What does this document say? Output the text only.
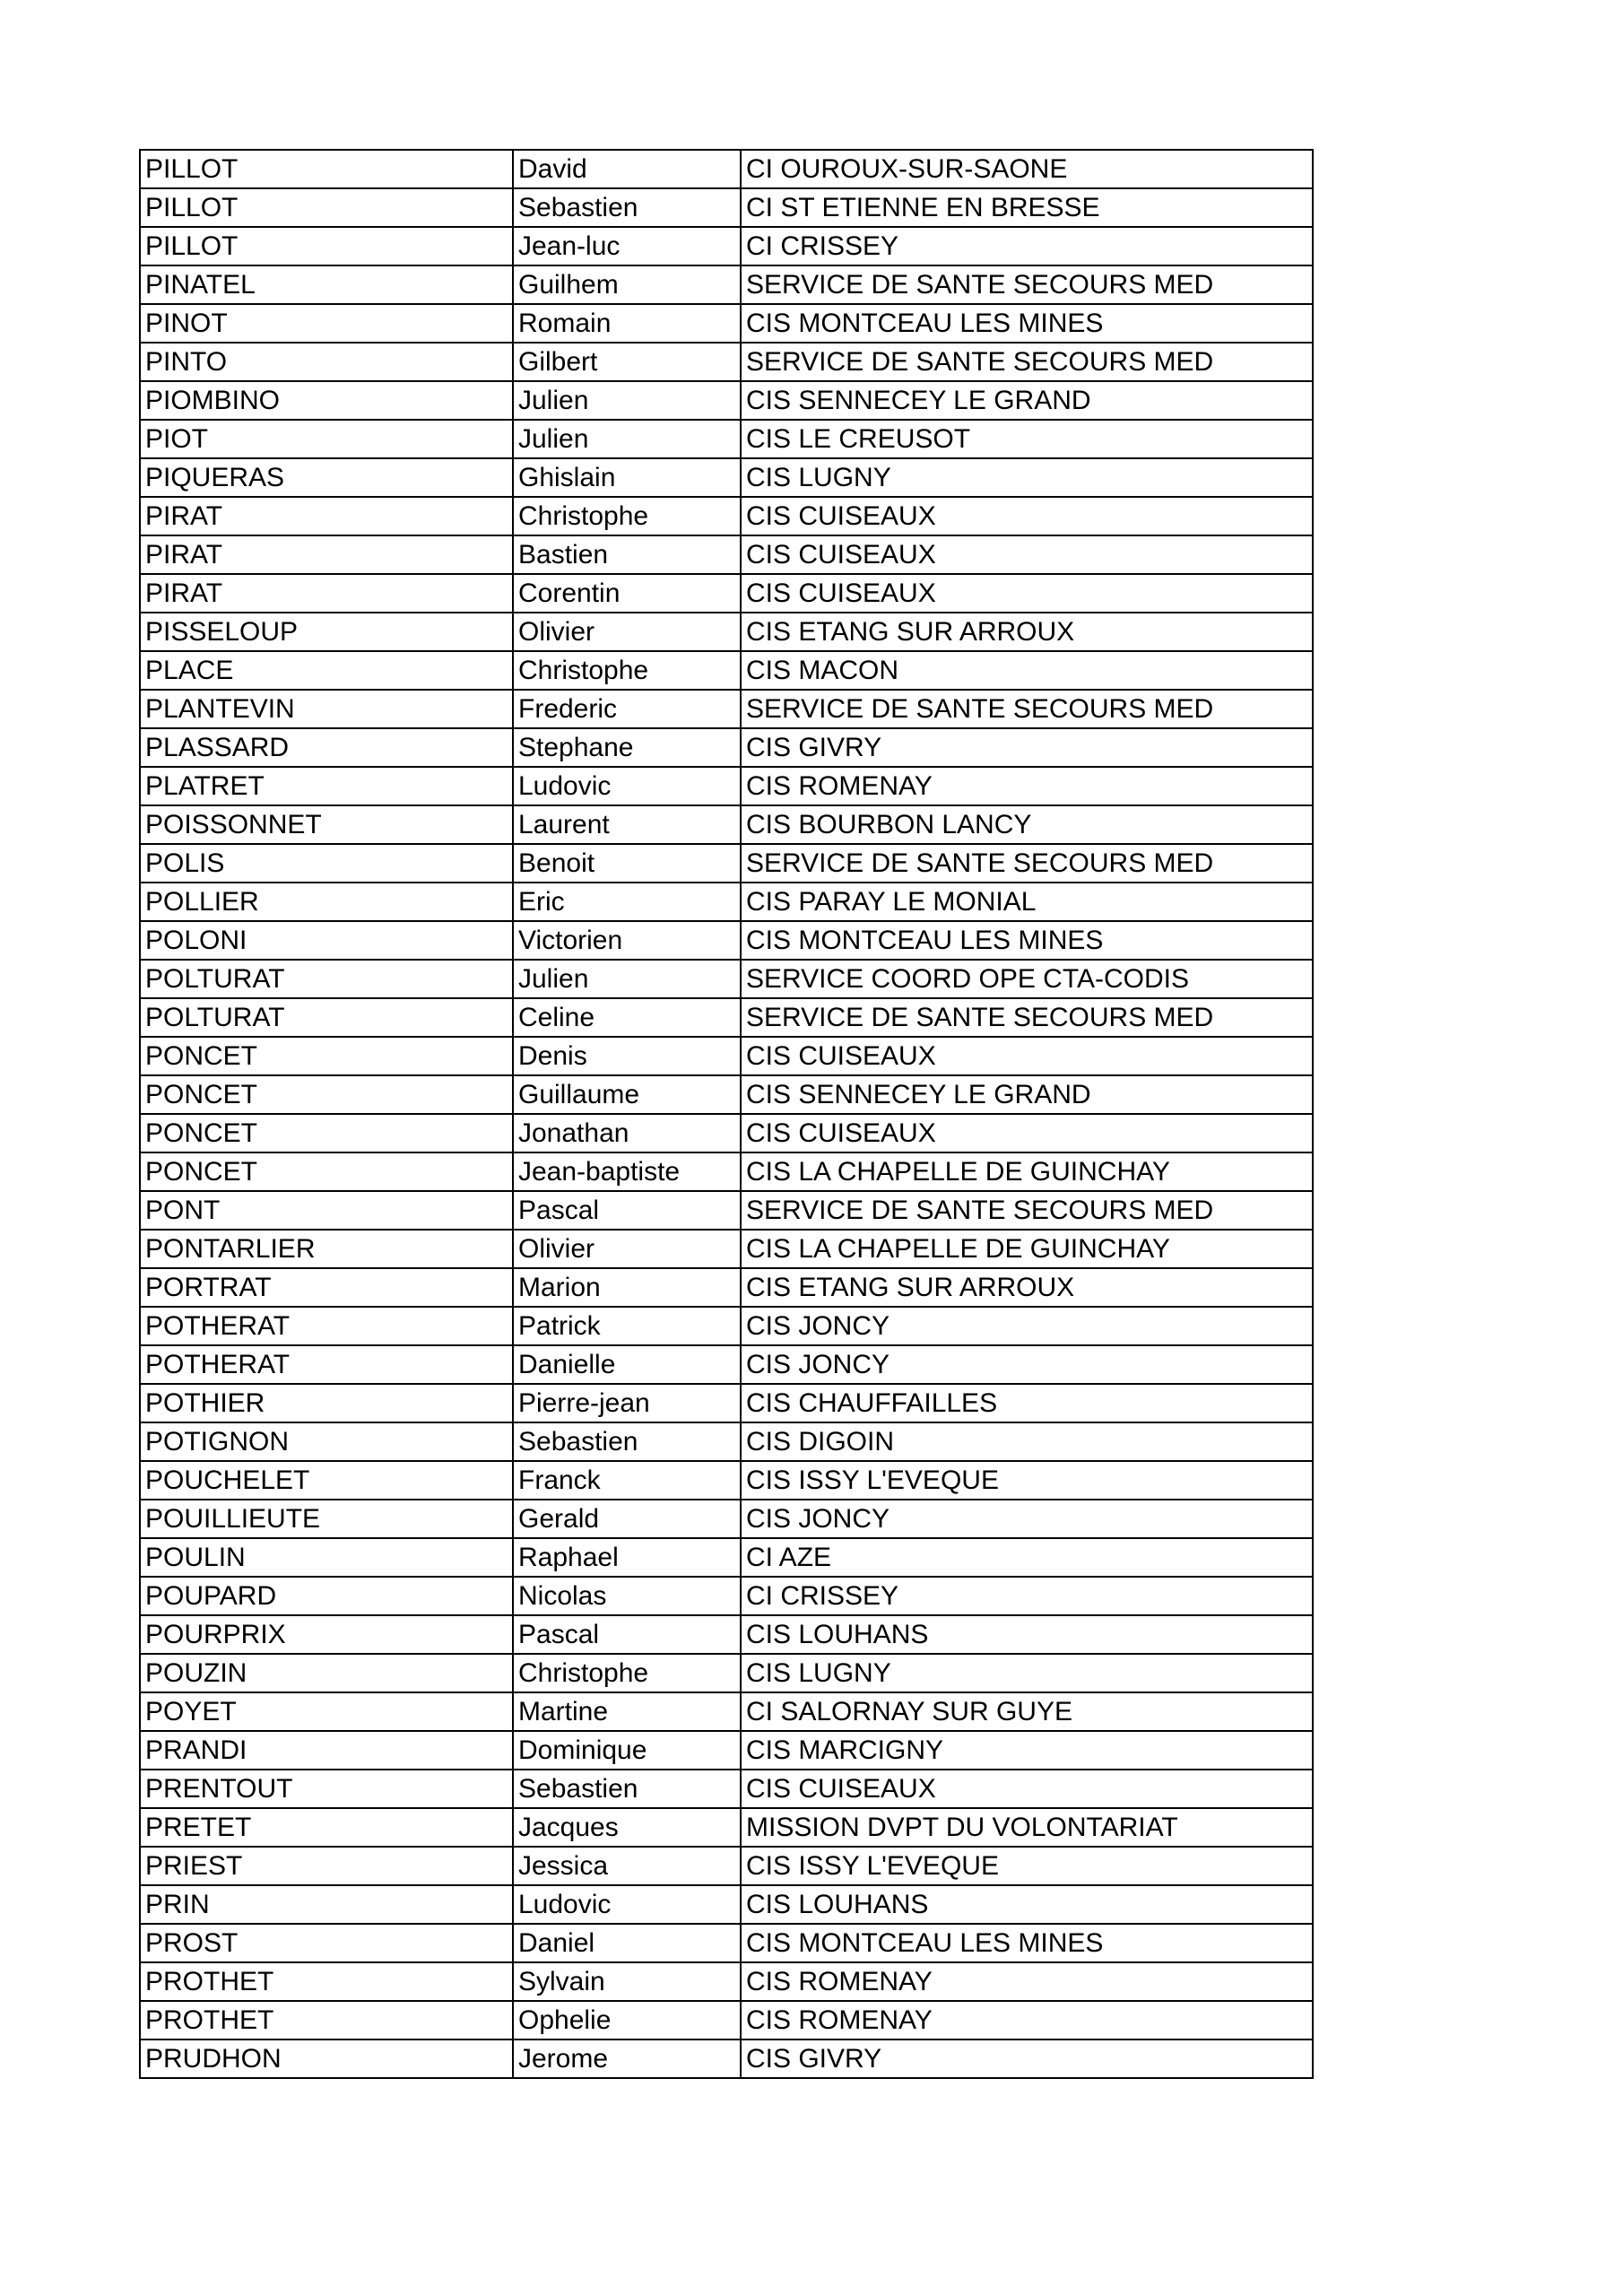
PILLOT	David	CI OUROUX-SUR-SAONE
PILLOT	Sebastien	CI ST ETIENNE EN BRESSE
PILLOT	Jean-luc	CI CRISSEY
PINATEL	Guilhem	SERVICE DE SANTE SECOURS MED
PINOT	Romain	CIS MONTCEAU LES MINES
PINTO	Gilbert	SERVICE DE SANTE SECOURS MED
PIOMBINO	Julien	CIS SENNECEY LE GRAND
PIOT	Julien	CIS LE CREUSOT
PIQUERAS	Ghislain	CIS LUGNY
PIRAT	Christophe	CIS CUISEAUX
PIRAT	Bastien	CIS CUISEAUX
PIRAT	Corentin	CIS CUISEAUX
PISSELOUP	Olivier	CIS ETANG SUR ARROUX
PLACE	Christophe	CIS MACON
PLANTEVIN	Frederic	SERVICE DE SANTE SECOURS MED
PLASSARD	Stephane	CIS GIVRY
PLATRET	Ludovic	CIS ROMENAY
POISSONNET	Laurent	CIS BOURBON LANCY
POLIS	Benoit	SERVICE DE SANTE SECOURS MED
POLLIER	Eric	CIS PARAY LE MONIAL
POLONI	Victorien	CIS MONTCEAU LES MINES
POLTURAT	Julien	SERVICE COORD OPE CTA-CODIS
POLTURAT	Celine	SERVICE DE SANTE SECOURS MED
PONCET	Denis	CIS CUISEAUX
PONCET	Guillaume	CIS SENNECEY LE GRAND
PONCET	Jonathan	CIS CUISEAUX
PONCET	Jean-baptiste	CIS LA CHAPELLE DE GUINCHAY
PONT	Pascal	SERVICE DE SANTE SECOURS MED
PONTARLIER	Olivier	CIS LA CHAPELLE DE GUINCHAY
PORTRAT	Marion	CIS ETANG SUR ARROUX
POTHERAT	Patrick	CIS JONCY
POTHERAT	Danielle	CIS JONCY
POTHIER	Pierre-jean	CIS CHAUFFAILLES
POTIGNON	Sebastien	CIS DIGOIN
POUCHELET	Franck	CIS ISSY L'EVEQUE
POUILLIEUTE	Gerald	CIS JONCY
POULIN	Raphael	CI AZE
POUPARD	Nicolas	CI CRISSEY
POURPRIX	Pascal	CIS LOUHANS
POUZIN	Christophe	CIS LUGNY
POYET	Martine	CI SALORNAY SUR GUYE
PRANDI	Dominique	CIS MARCIGNY
PRENTOUT	Sebastien	CIS CUISEAUX
PRETET	Jacques	MISSION DVPT DU VOLONTARIAT
PRIEST	Jessica	CIS ISSY L'EVEQUE
PRIN	Ludovic	CIS LOUHANS
PROST	Daniel	CIS MONTCEAU LES MINES
PROTHET	Sylvain	CIS ROMENAY
PROTHET	Ophelie	CIS ROMENAY
PRUDHON	Jerome	CIS GIVRY
